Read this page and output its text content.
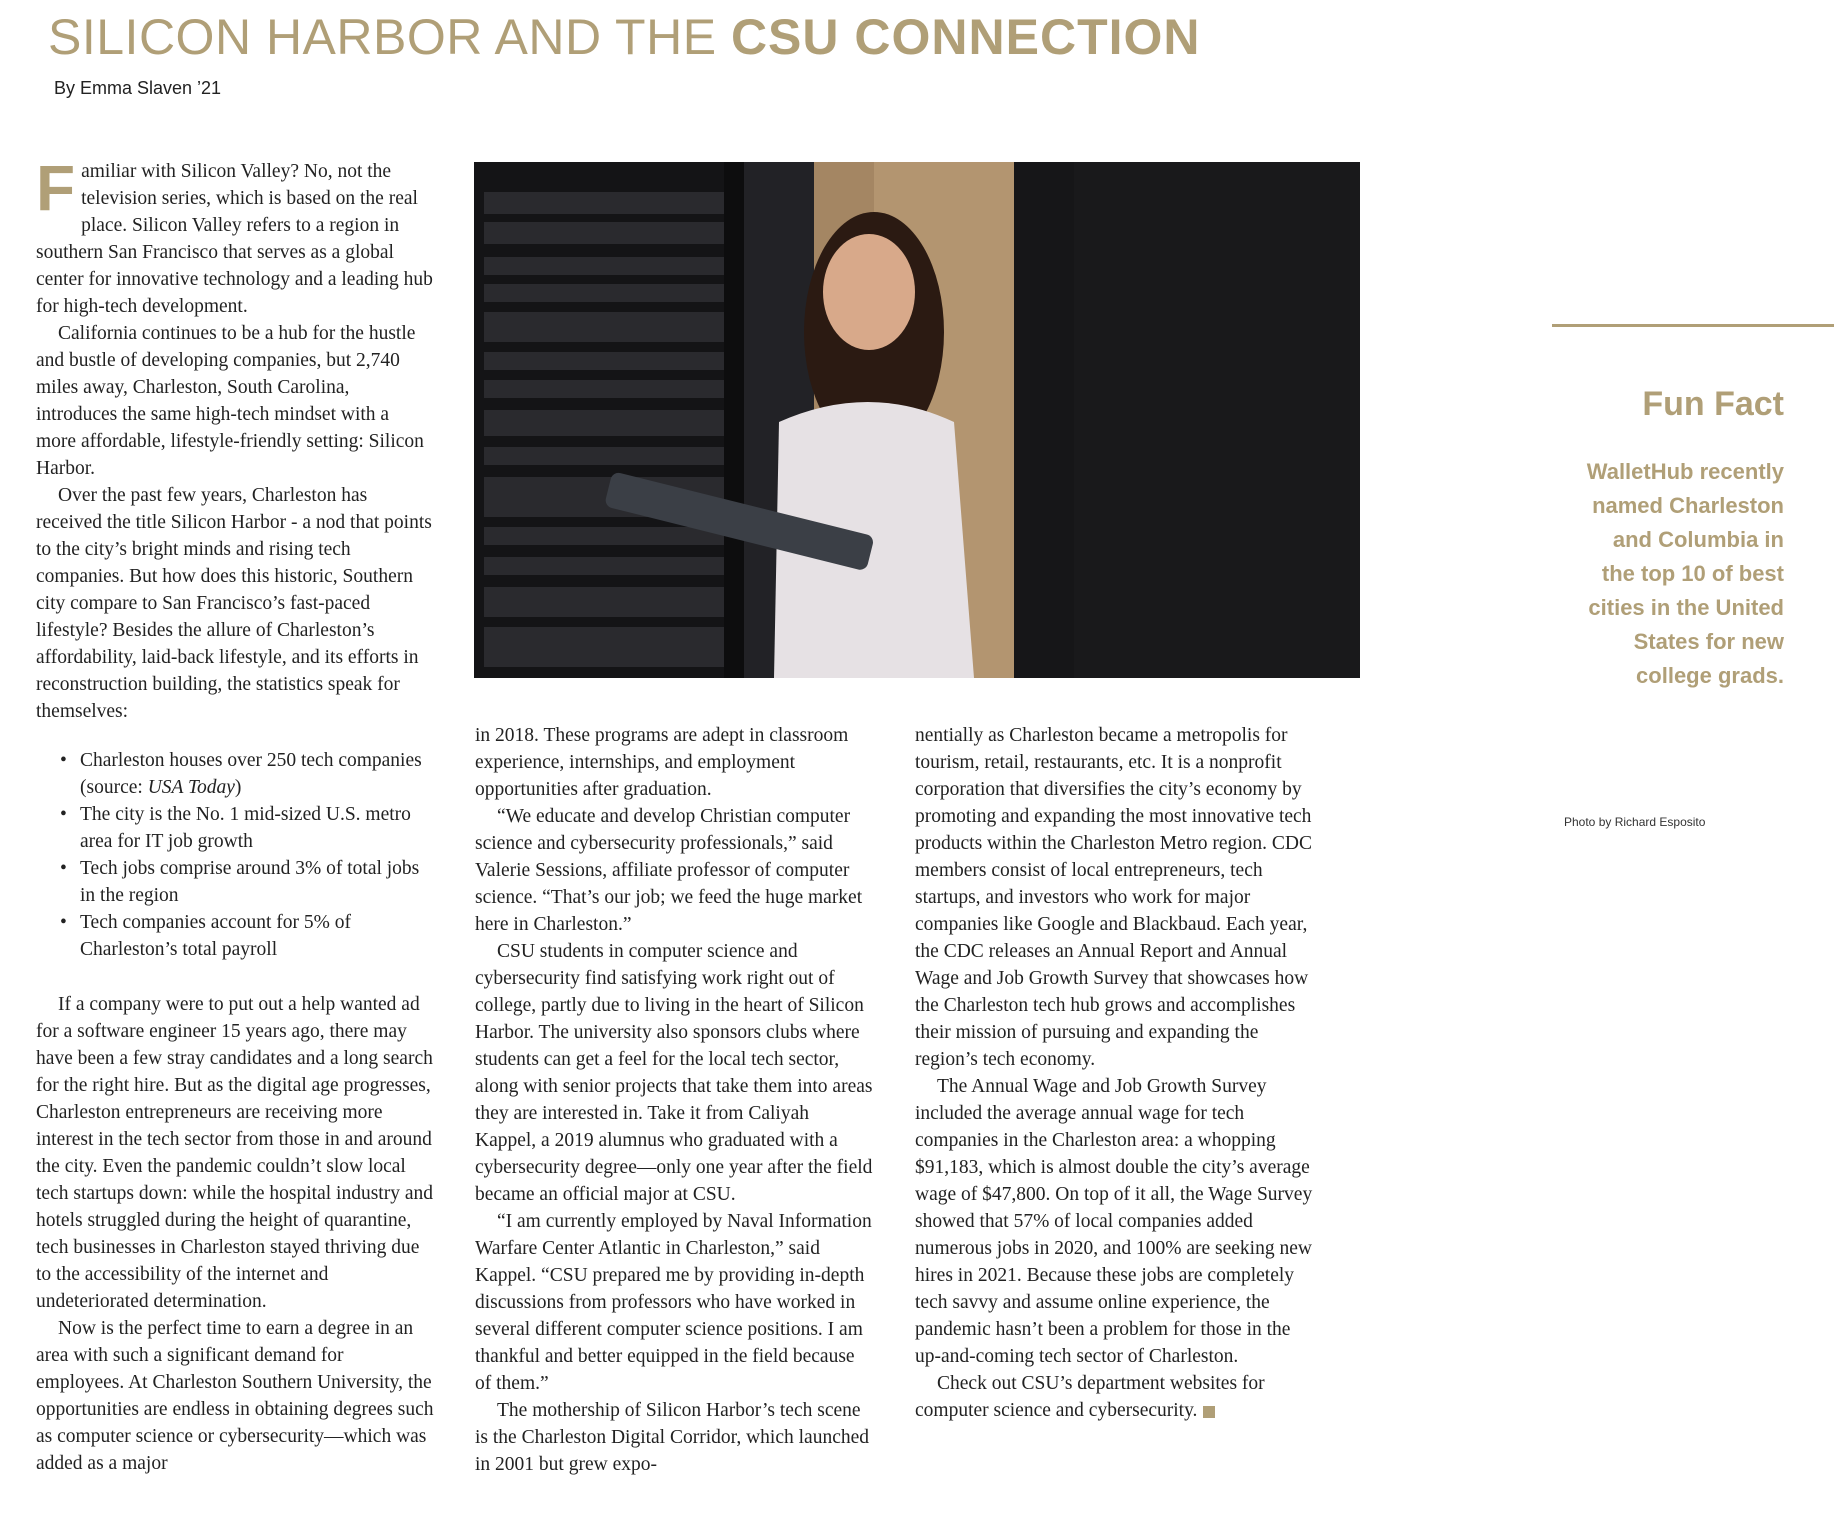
SILICON HARBOR AND THE CSU CONNECTION
By Emma Slaven ’21

Familiar with Silicon Valley? No, not the television series, which is based on the real place. Silicon Valley refers to a region in southern San Francisco that serves as a global center for innovative technology and a leading hub for high-tech development.

California continues to be a hub for the hustle and bustle of developing companies, but 2,740 miles away, Charleston, South Carolina, introduces the same high-tech mindset with a more affordable, lifestyle-friendly setting: Silicon Harbor.

Over the past few years, Charleston has received the title Silicon Harbor - a nod that points to the city’s bright minds and rising tech companies. But how does this historic, Southern city compare to San Francisco’s fast-paced lifestyle? Besides the allure of Charleston’s affordability, laid-back lifestyle, and its efforts in reconstruction building, the statistics speak for themselves:

• Charleston houses over 250 tech companies (source: USA Today)
• The city is the No. 1 mid-sized U.S. metro area for IT job growth
• Tech jobs comprise around 3% of total jobs in the region
• Tech companies account for 5% of Charleston’s total payroll

If a company were to put out a help wanted ad for a software engineer 15 years ago, there may have been a few stray candidates and a long search for the right hire. But as the digital age progresses, Charleston entrepreneurs are receiving more interest in the tech sector from those in and around the city. Even the pandemic couldn’t slow local tech startups down: while the hospital industry and hotels struggled during the height of quarantine, tech businesses in Charleston stayed thriving due to the accessibility of the internet and undeteriorated determination.

Now is the perfect time to earn a degree in an area with such a significant demand for employees. At Charleston Southern University, the opportunities are endless in obtaining degrees such as computer science or cybersecurity—which was added as a major

Fun Fact
WalletHub recently named Charleston and Columbia in the top 10 of best cities in the United States for new college grads.
Photo by Richard Esposito

in 2018. These programs are adept in classroom experience, internships, and employment opportunities after graduation.

“We educate and develop Christian computer science and cybersecurity professionals,” said Valerie Sessions, affiliate professor of computer science. “That’s our job; we feed the huge market here in Charleston.”

CSU students in computer science and cybersecurity find satisfying work right out of college, partly due to living in the heart of Silicon Harbor. The university also sponsors clubs where students can get a feel for the local tech sector, along with senior projects that take them into areas they are interested in. Take it from Caliyah Kappel, a 2019 alumnus who graduated with a cybersecurity degree—only one year after the field became an official major at CSU.

“I am currently employed by Naval Information Warfare Center Atlantic in Charleston,” said Kappel. “CSU prepared me by providing in-depth discussions from professors who have worked in several different computer science positions. I am thankful and better equipped in the field because of them.”

The mothership of Silicon Harbor’s tech scene is the Charleston Digital Corridor, which launched in 2001 but grew expo-

nentially as Charleston became a metropolis for tourism, retail, restaurants, etc. It is a nonprofit corporation that diversifies the city’s economy by promoting and expanding the most innovative tech products within the Charleston Metro region. CDC members consist of local entrepreneurs, tech startups, and investors who work for major companies like Google and Blackbaud. Each year, the CDC releases an Annual Report and Annual Wage and Job Growth Survey that showcases how the Charleston tech hub grows and accomplishes their mission of pursuing and expanding the region’s tech economy.

The Annual Wage and Job Growth Survey included the average annual wage for tech companies in the Charleston area: a whopping $91,183, which is almost double the city’s average wage of $47,800. On top of it all, the Wage Survey showed that 57% of local companies added numerous jobs in 2020, and 100% are seeking new hires in 2021. Because these jobs are completely tech savvy and assume online experience, the pandemic hasn’t been a problem for those in the up-and-coming tech sector of Charleston.

Check out CSU’s department websites for computer science and cybersecurity.
